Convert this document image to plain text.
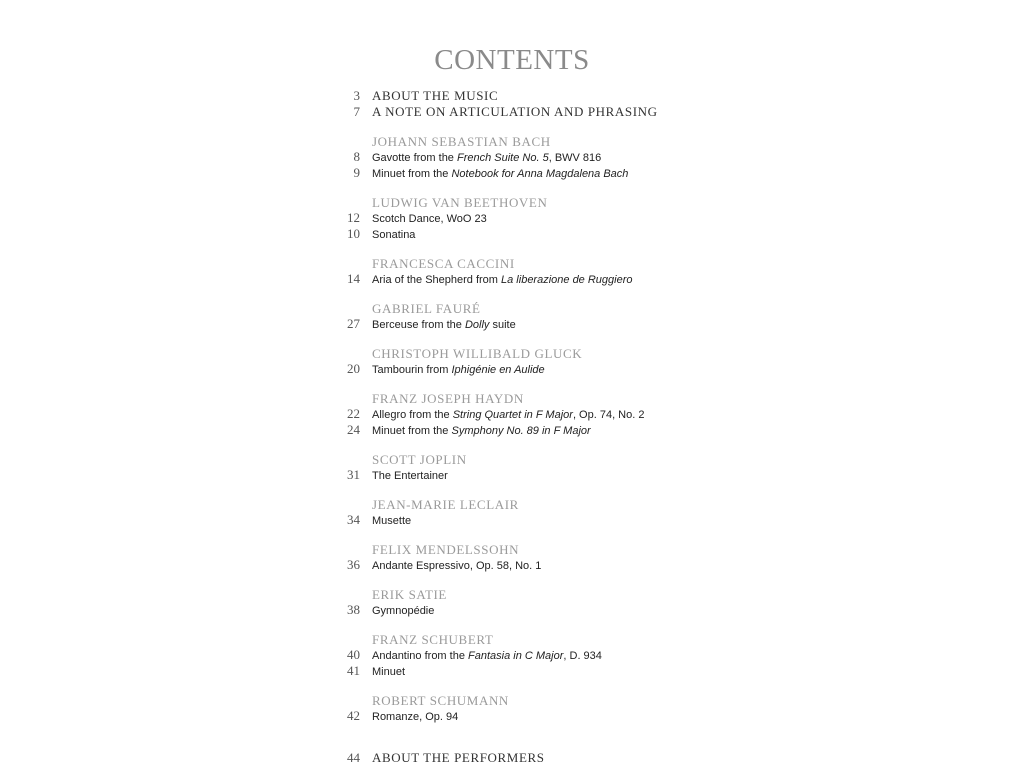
CONTENTS
3 ABOUT THE MUSIC
7 A NOTE ON ARTICULATION AND PHRASING
JOHANN SEBASTIAN BACH
8 Gavotte from the French Suite No. 5, BWV 816
9 Minuet from the Notebook for Anna Magdalena Bach
LUDWIG VAN BEETHOVEN
12 Scotch Dance, WoO 23
10 Sonatina
FRANCESCA CACCINI
14 Aria of the Shepherd from La liberazione de Ruggiero
GABRIEL FAURÉ
27 Berceuse from the Dolly suite
CHRISTOPH WILLIBALD GLUCK
20 Tambourin from Iphigénie en Aulide
FRANZ JOSEPH HAYDN
22 Allegro from the String Quartet in F Major, Op. 74, No. 2
24 Minuet from the Symphony No. 89 in F Major
SCOTT JOPLIN
31 The Entertainer
JEAN-MARIE LECLAIR
34 Musette
FELIX MENDELSSOHN
36 Andante Espressivo, Op. 58, No. 1
ERIK SATIE
38 Gymnopédie
FRANZ SCHUBERT
40 Andantino from the Fantasia in C Major, D. 934
41 Minuet
ROBERT SCHUMANN
42 Romanze, Op. 94
44 ABOUT THE PERFORMERS
